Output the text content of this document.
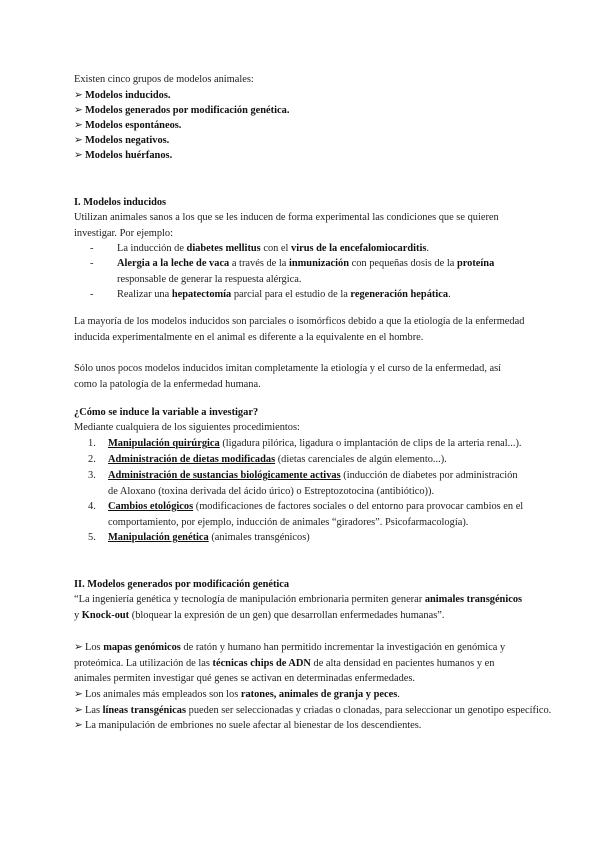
Existen cinco grupos de modelos animales:
➢ Modelos inducidos.
➢ Modelos generados por modificación genética.
➢ Modelos espontáneos.
➢ Modelos negativos.
➢ Modelos huérfanos.
I. Modelos inducidos

Utilizan animales sanos a los que se les inducen de forma experimental las condiciones que se quieren investigar. Por ejemplo:

- La inducción de diabetes mellitus con el virus de la encefalomiocarditis.
- Alergia a la leche de vaca a través de la inmunización con pequeñas dosis de la proteína responsable de generar la respuesta alérgica.
- Realizar una hepatectomía parcial para el estudio de la regeneración hepática.

La mayoría de los modelos inducidos son parciales o isomórficos debido a que la etiología de la enfermedad inducida experimentalmente en el animal es diferente a la equivalente en el hombre.

Sólo unos pocos modelos inducidos imitan completamente la etiología y el curso de la enfermedad, así como la patología de la enfermedad humana.

¿Cómo se induce la variable a investigar?
Mediante cualquiera de los siguientes procedimientos:
1. Manipulación quirúrgica (ligadura pilórica, ligadura o implantación de clips de la arteria renal...).
2. Administración de dietas modificadas (dietas carenciales de algún elemento...).
3. Administración de sustancias biológicamente activas (inducción de diabetes por administración de Aloxano (toxina derivada del ácido úrico) o Estreptozotocina (antibiótico)).
4. Cambios etológicos (modificaciones de factores sociales o del entorno para provocar cambios en el comportamiento, por ejemplo, inducción de animales “giradores”. Psicofarmacología).
5. Manipulación genética (animales transgénicos)
II. Modelos generados por modificación genética

“La ingeniería genética y tecnología de manipulación embrionaria permiten generar animales transgénicos y Knock-out (bloquear la expresión de un gen) que desarrollan enfermedades humanas”.

➢ Los mapas genómicos de ratón y humano han permitido incrementar la investigación en genómica y proteómica. La utilización de las técnicas chips de ADN de alta densidad en pacientes humanos y en animales permiten investigar qué genes se activan en determinadas enfermedades.

➢ Los animales más empleados son los ratones, animales de granja y peces.
➢ Las líneas transgénicas pueden ser seleccionadas y criadas o clonadas, para seleccionar un genotipo específico.
➢ La manipulación de embriones no suele afectar al bienestar de los descendientes.
